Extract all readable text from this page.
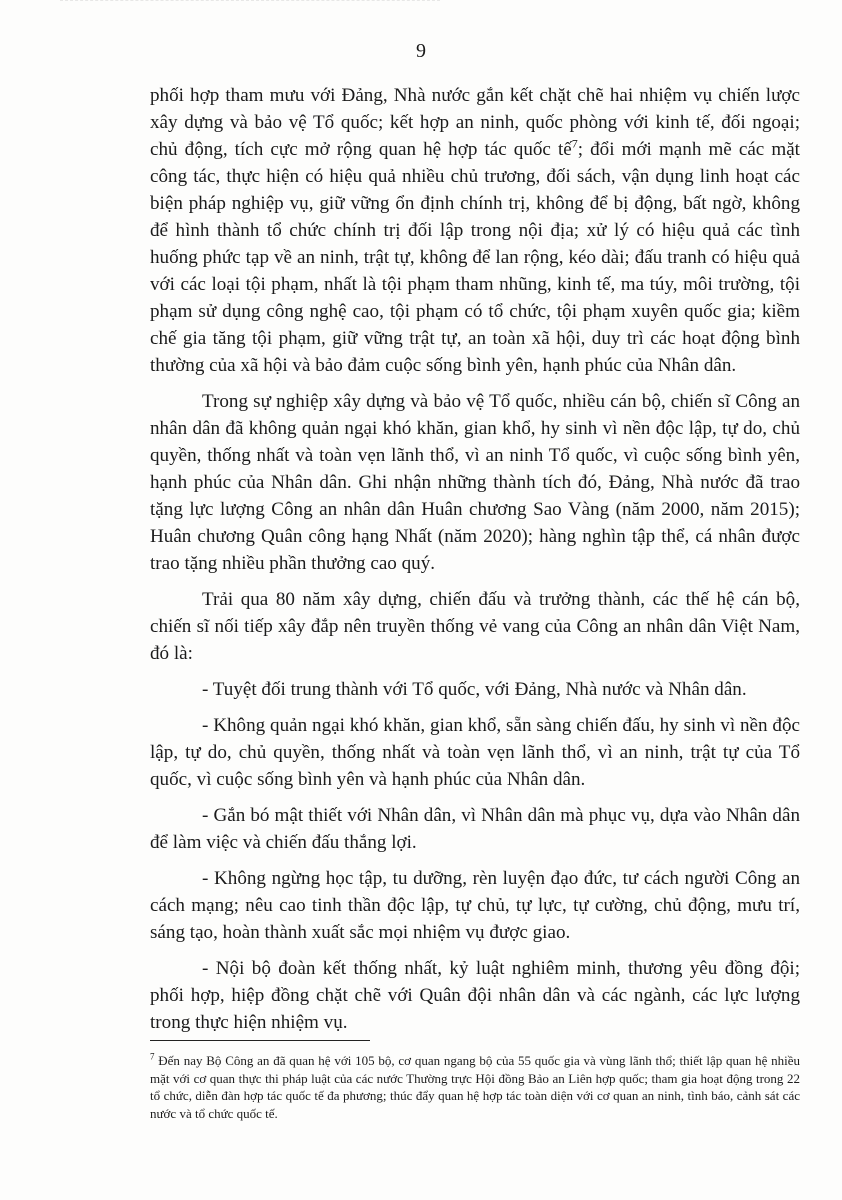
9

phối hợp tham mưu với Đảng, Nhà nước gắn kết chặt chẽ hai nhiệm vụ chiến lược xây dựng và bảo vệ Tổ quốc; kết hợp an ninh, quốc phòng với kinh tế, đối ngoại; chủ động, tích cực mở rộng quan hệ hợp tác quốc tế$^7$; đổi mới mạnh mẽ các mặt công tác, thực hiện có hiệu quả nhiều chủ trương, đối sách, vận dụng linh hoạt các biện pháp nghiệp vụ, giữ vững ổn định chính trị, không để bị động, bất ngờ, không để hình thành tổ chức chính trị đối lập trong nội địa; xử lý có hiệu quả các tình huống phức tạp về an ninh, trật tự, không để lan rộng, kéo dài; đấu tranh có hiệu quả với các loại tội phạm, nhất là tội phạm tham nhũng, kinh tế, ma túy, môi trường, tội phạm sử dụng công nghệ cao, tội phạm có tổ chức, tội phạm xuyên quốc gia; kiềm chế gia tăng tội phạm, giữ vững trật tự, an toàn xã hội, duy trì các hoạt động bình thường của xã hội và bảo đảm cuộc sống bình yên, hạnh phúc của Nhân dân.

Trong sự nghiệp xây dựng và bảo vệ Tổ quốc, nhiều cán bộ, chiến sĩ Công an nhân dân đã không quản ngại khó khăn, gian khổ, hy sinh vì nền độc lập, tự do, chủ quyền, thống nhất và toàn vẹn lãnh thổ, vì an ninh Tổ quốc, vì cuộc sống bình yên, hạnh phúc của Nhân dân. Ghi nhận những thành tích đó, Đảng, Nhà nước đã trao tặng lực lượng Công an nhân dân Huân chương Sao Vàng (năm 2000, năm 2015); Huân chương Quân công hạng Nhất (năm 2020); hàng nghìn tập thể, cá nhân được trao tặng nhiều phần thưởng cao quý.

Trải qua 80 năm xây dựng, chiến đấu và trưởng thành, các thế hệ cán bộ, chiến sĩ nối tiếp xây đắp nên truyền thống vẻ vang của Công an nhân dân Việt Nam, đó là:

- Tuyệt đối trung thành với Tổ quốc, với Đảng, Nhà nước và Nhân dân.

- Không quản ngại khó khăn, gian khổ, sẵn sàng chiến đấu, hy sinh vì nền độc lập, tự do, chủ quyền, thống nhất và toàn vẹn lãnh thổ, vì an ninh, trật tự của Tổ quốc, vì cuộc sống bình yên và hạnh phúc của Nhân dân.

- Gắn bó mật thiết với Nhân dân, vì Nhân dân mà phục vụ, dựa vào Nhân dân để làm việc và chiến đấu thắng lợi.

- Không ngừng học tập, tu dưỡng, rèn luyện đạo đức, tư cách người Công an cách mạng; nêu cao tinh thần độc lập, tự chủ, tự lực, tự cường, chủ động, mưu trí, sáng tạo, hoàn thành xuất sắc mọi nhiệm vụ được giao.

- Nội bộ đoàn kết thống nhất, kỷ luật nghiêm minh, thương yêu đồng đội; phối hợp, hiệp đồng chặt chẽ với Quân đội nhân dân và các ngành, các lực lượng trong thực hiện nhiệm vụ.

$^7$ Đến nay Bộ Công an đã quan hệ với 105 bộ, cơ quan ngang bộ của 55 quốc gia và vùng lãnh thổ; thiết lập quan hệ nhiều mặt với cơ quan thực thi pháp luật của các nước Thường trực Hội đồng Bảo an Liên hợp quốc; tham gia hoạt động trong 22 tổ chức, diễn đàn hợp tác quốc tế đa phương; thúc đẩy quan hệ hợp tác toàn diện với cơ quan an ninh, tình báo, cảnh sát các nước và tổ chức quốc tế.
